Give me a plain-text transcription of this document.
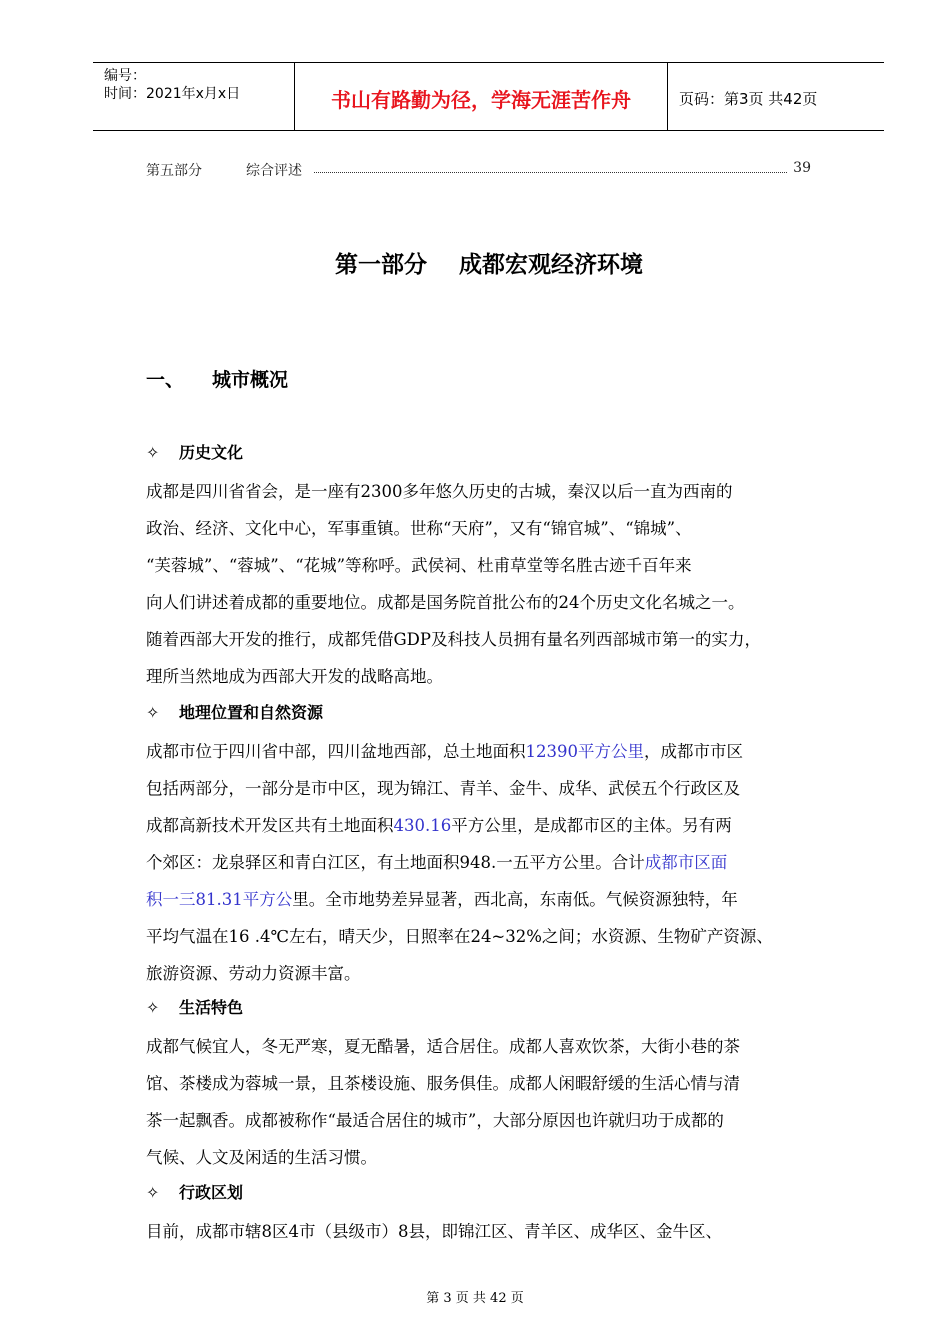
编号：
时间：2021年x月x日	书山有路勤为径，学海无涯苦作舟	页码：第3页 共42页
第五部分	综合评述	39
第一部分    成都宏观经济环境
一、 城市概况
✧ 历史文化
成都是四川省省会，是一座有2300多年悠久历史的古城，秦汉以后一直为西南的
政治、经济、文化中心，军事重镇。世称“天府”，又有“锦官城”、“锦城”、
“芙蓉城”、“蓉城”、“花城”等称呼。武侯祠、杜甫草堂等名胜古迹千百年来
向人们讲述着成都的重要地位。成都是国务院首批公布的24个历史文化名城之一。
随着西部大开发的推行，成都凭借GDP及科技人员拥有量名列西部城市第一的实力，
理所当然地成为西部大开发的战略高地。
✧ 地理位置和自然资源
成都市位于四川省中部，四川盆地西部，总土地面积12390平方公里，成都市市区
包括两部分，一部分是市中区，现为锦江、青羊、金牛、成华、武侯五个行政区及
成都高新技术开发区共有土地面积430.16平方公里，是成都市区的主体。另有两
个郊区：龙泉驿区和青白江区，有土地面积948.一五平方公里。合计成都市区面
积一三81.31平方公里。全市地势差异显著，西北高，东南低。气候资源独特，年
平均气温在16 .4℃左右，晴天少，日照率在24~32%之间；水资源、生物矿产资源、
旅游资源、劳动力资源丰富。
✧ 生活特色
成都气候宜人，冬无严寒，夏无酷暑，适合居住。成都人喜欢饮茶，大街小巷的茶
馆、茶楼成为蓉城一景，且茶楼设施、服务俱佳。成都人闲暇舒缓的生活心情与清
茶一起飘香。成都被称作“最适合居住的城市”，大部分原因也许就归功于成都的
气候、人文及闲适的生活习惯。
✧ 行政区划
目前，成都市辖8区4市（县级市）8县，即锦江区、青羊区、成华区、金牛区、
第 3 页 共 42 页
